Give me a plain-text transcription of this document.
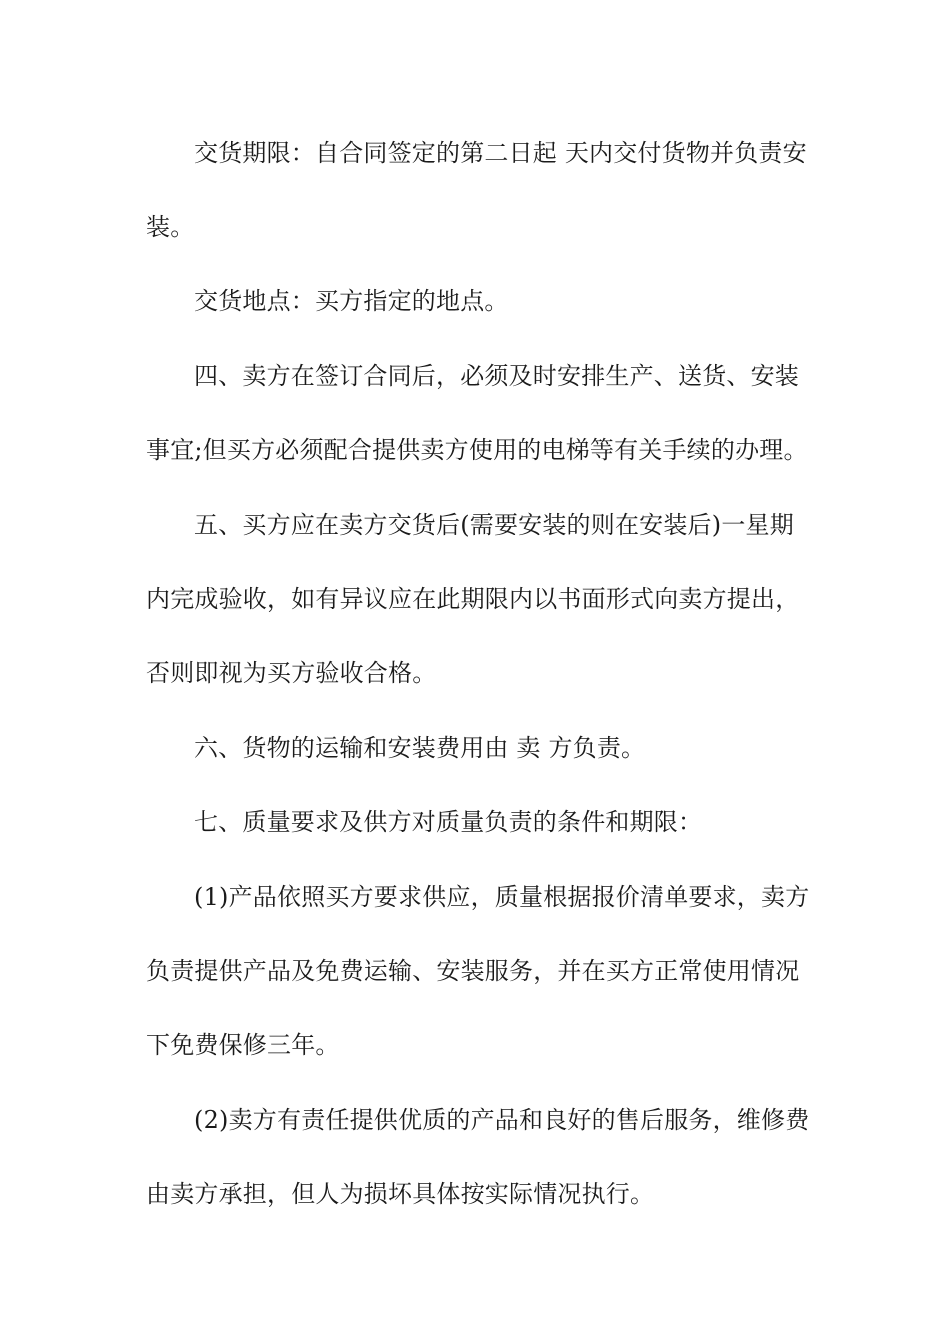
交货期限：自合同签定的第二日起 天内交付货物并负责安
装。
交货地点：买方指定的地点。
四、卖方在签订合同后，必须及时安排生产、送货、安装
事宜;但买方必须配合提供卖方使用的电梯等有关手续的办理。
五、买方应在卖方交货后(需要安装的则在安装后)一星期
内完成验收，如有异议应在此期限内以书面形式向卖方提出，
否则即视为买方验收合格。
六、货物的运输和安装费用由 卖 方负责。
七、质量要求及供方对质量负责的条件和期限：
(1)产品依照买方要求供应，质量根据报价清单要求，卖方
负责提供产品及免费运输、安装服务，并在买方正常使用情况
下免费保修三年。
(2)卖方有责任提供优质的产品和良好的售后服务，维修费
由卖方承担，但人为损坏具体按实际情况执行。
